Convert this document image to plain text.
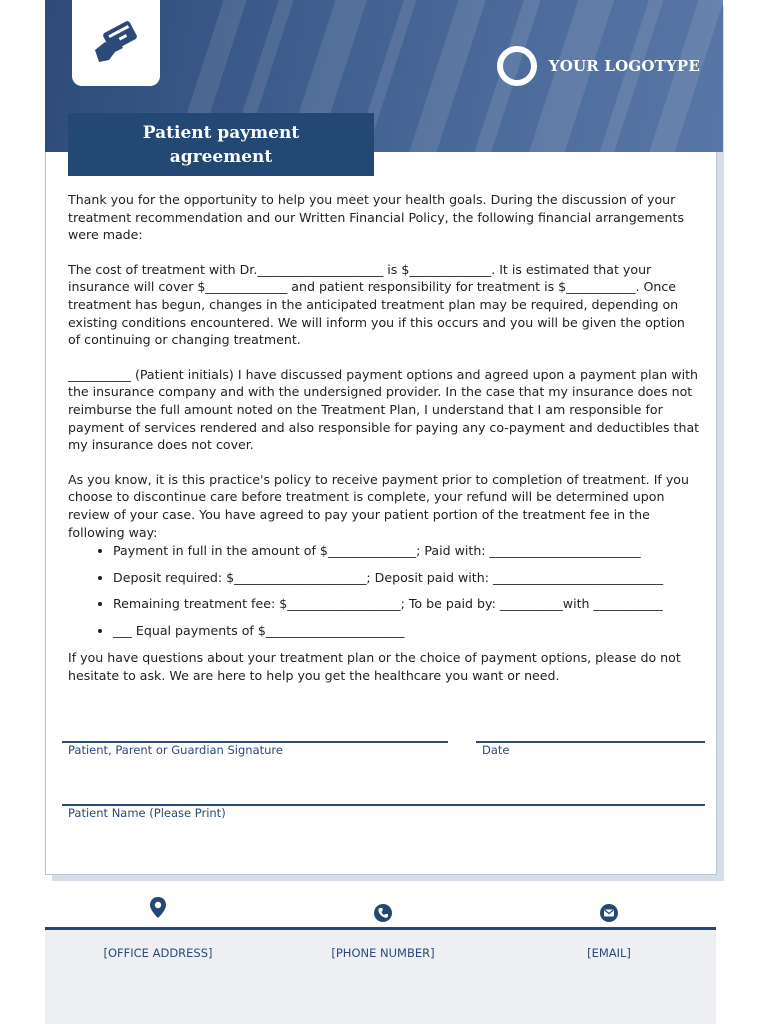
YOUR LOGOTYPE
Patient payment agreement

Thank you for the opportunity to help you meet your health goals. During the discussion of your treatment recommendation and our Written Financial Policy, the following financial arrangements were made:

The cost of treatment with Dr.____________________ is $_____________. It is estimated that your insurance will cover $_____________ and patient responsibility for treatment is $___________. Once treatment has begun, changes in the anticipated treatment plan may be required, depending on existing conditions encountered. We will inform you if this occurs and you will be given the option of continuing or changing treatment.

__________ (Patient initials) I have discussed payment options and agreed upon a payment plan with the insurance company and with the undersigned provider. In the case that my insurance does not reimburse the full amount noted on the Treatment Plan, I understand that I am responsible for payment of services rendered and also responsible for paying any co-payment and deductibles that my insurance does not cover.

As you know, it is this practice's policy to receive payment prior to completion of treatment. If you choose to discontinue care before treatment is complete, your refund will be determined upon review of your case. You have agreed to pay your patient portion of the treatment fee in the following way:

• Payment in full in the amount of $______________; Paid with: ________________________
• Deposit required: $_____________________; Deposit paid with: ___________________________
• Remaining treatment fee: $__________________; To be paid by: __________with ___________
• ___ Equal payments of $______________________

If you have questions about your treatment plan or the choice of payment options, please do not hesitate to ask. We are here to help you get the healthcare you want or need.

Patient, Parent or Guardian Signature	Date
Patient Name (Please Print)
[OFFICE ADDRESS]	[PHONE NUMBER]	[EMAIL]
